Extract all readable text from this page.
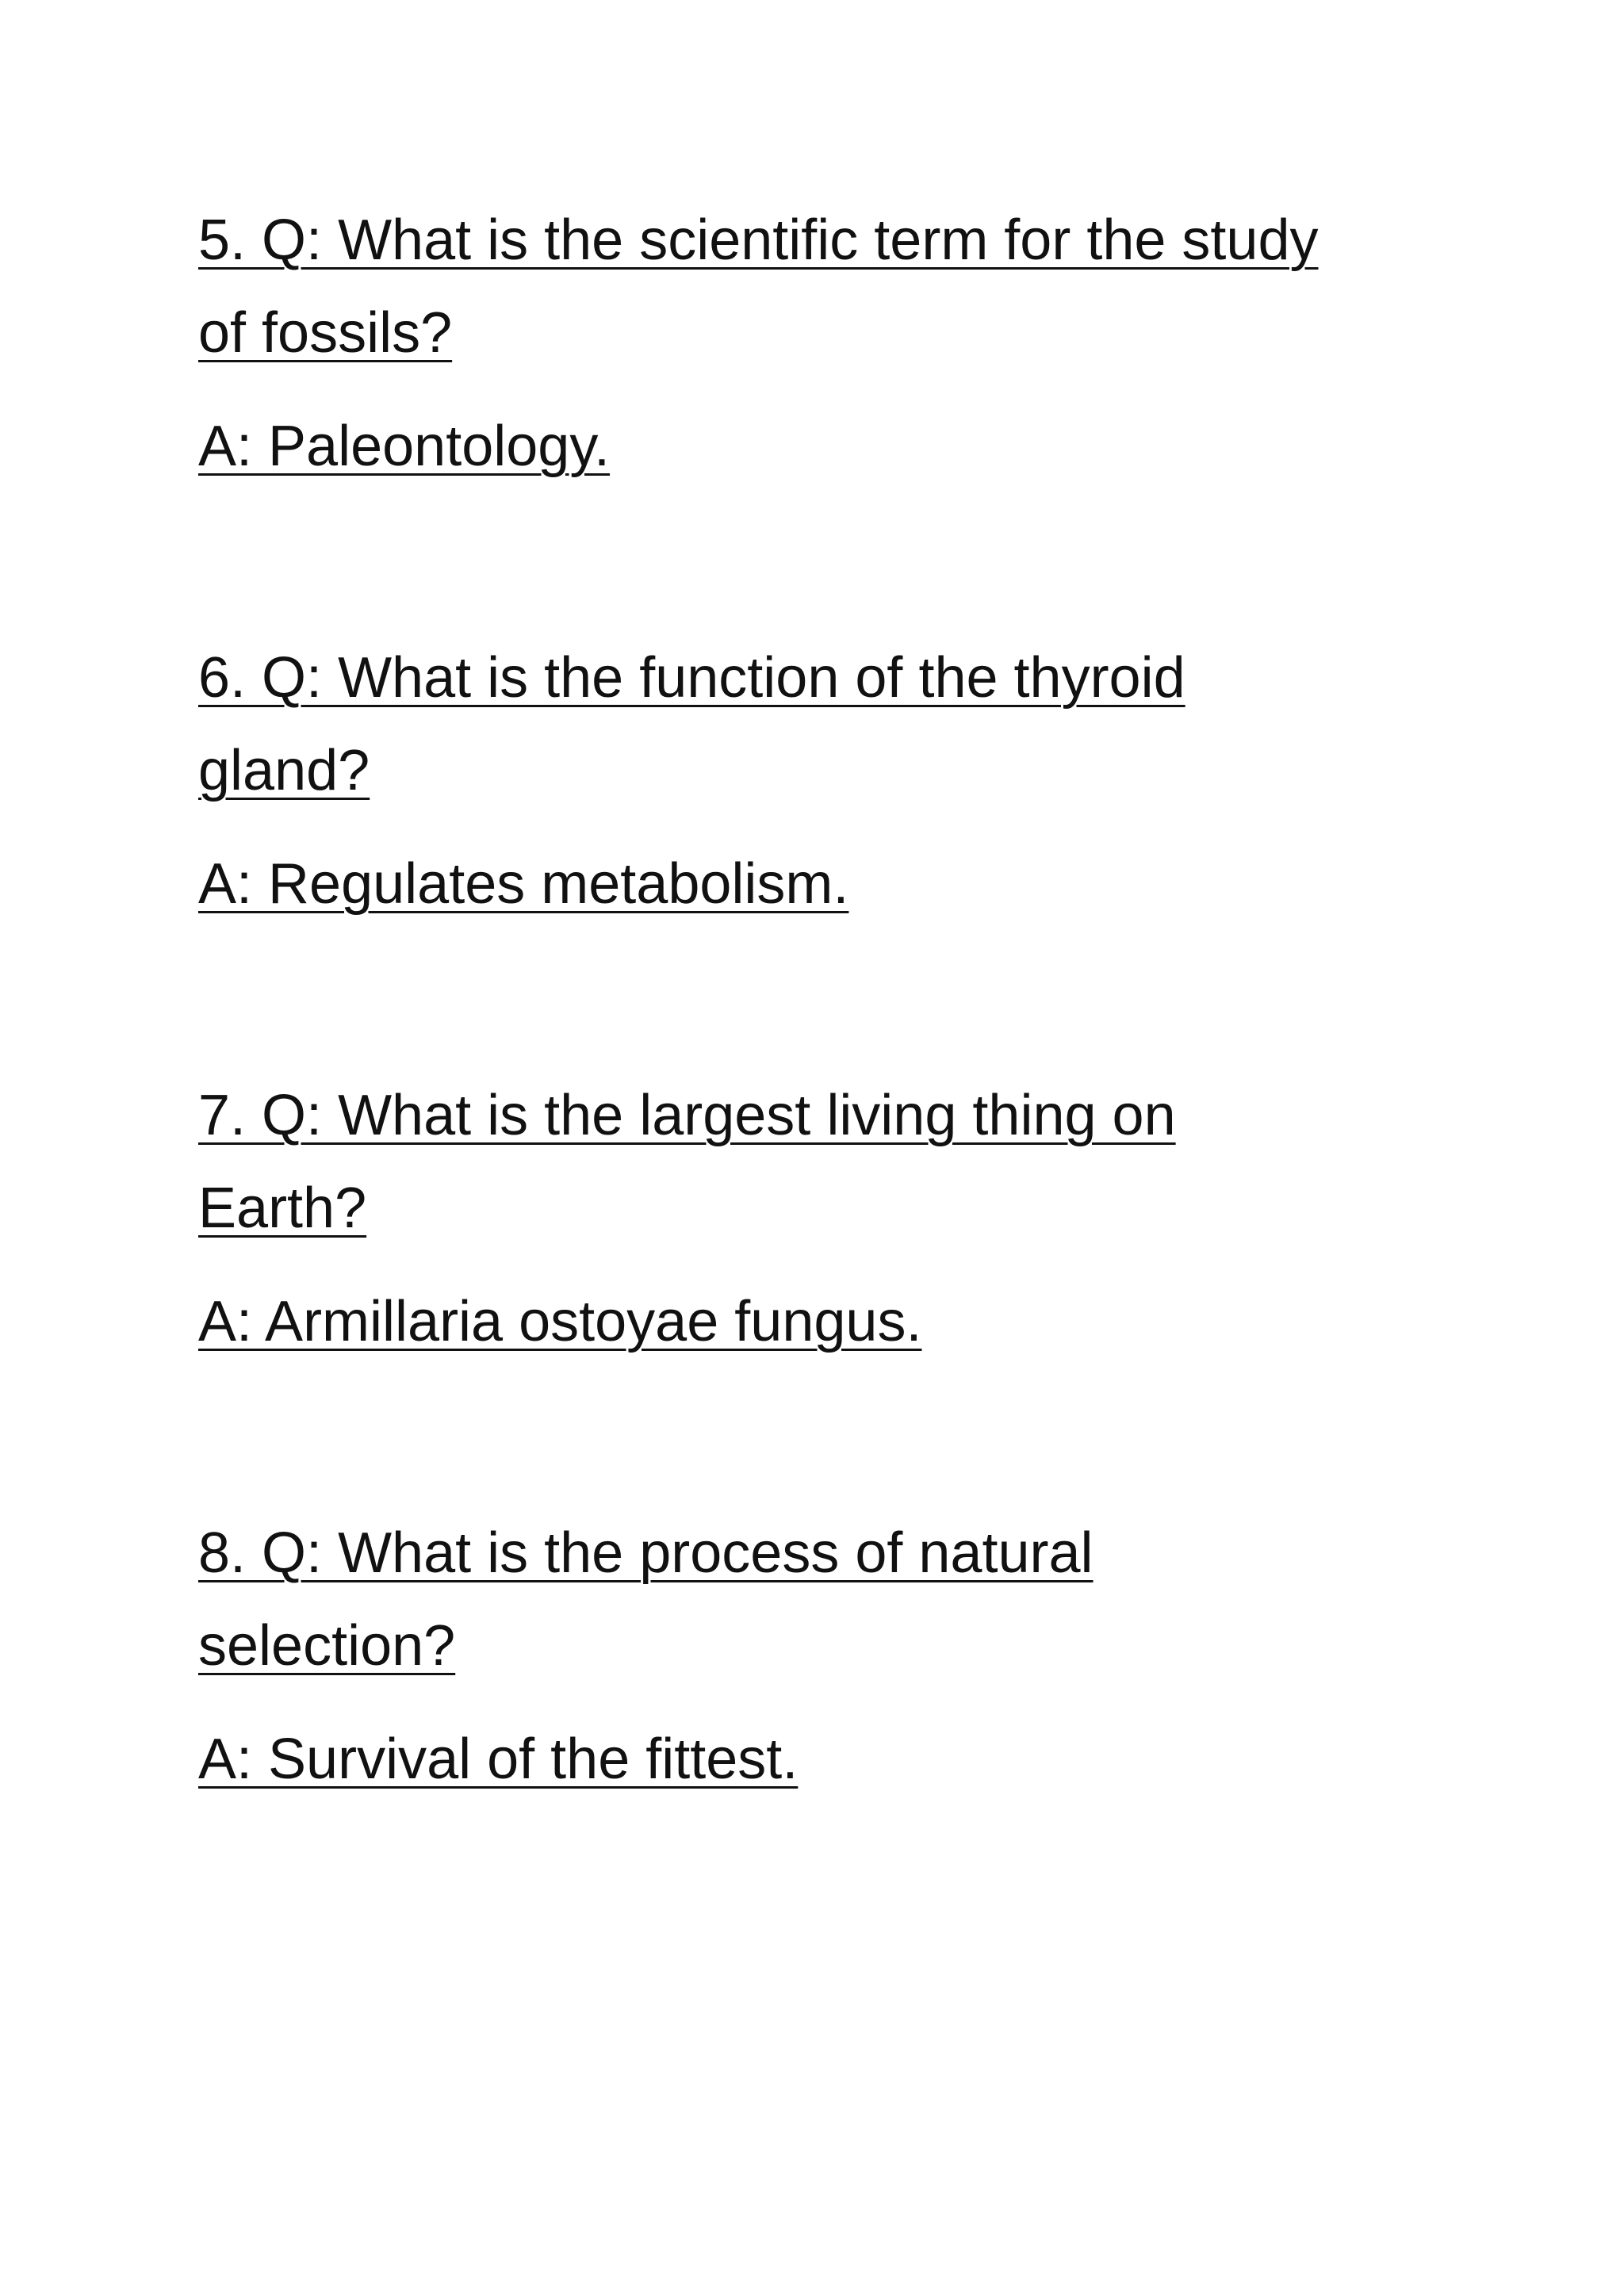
5. Q: What is the scientific term for the study of fossils?

A: Paleontology.

6. Q: What is the function of the thyroid gland?

A: Regulates metabolism.

7. Q: What is the largest living thing on Earth?

A: Armillaria ostoyae fungus.

8. Q: What is the process of natural selection?

A: Survival of the fittest.
